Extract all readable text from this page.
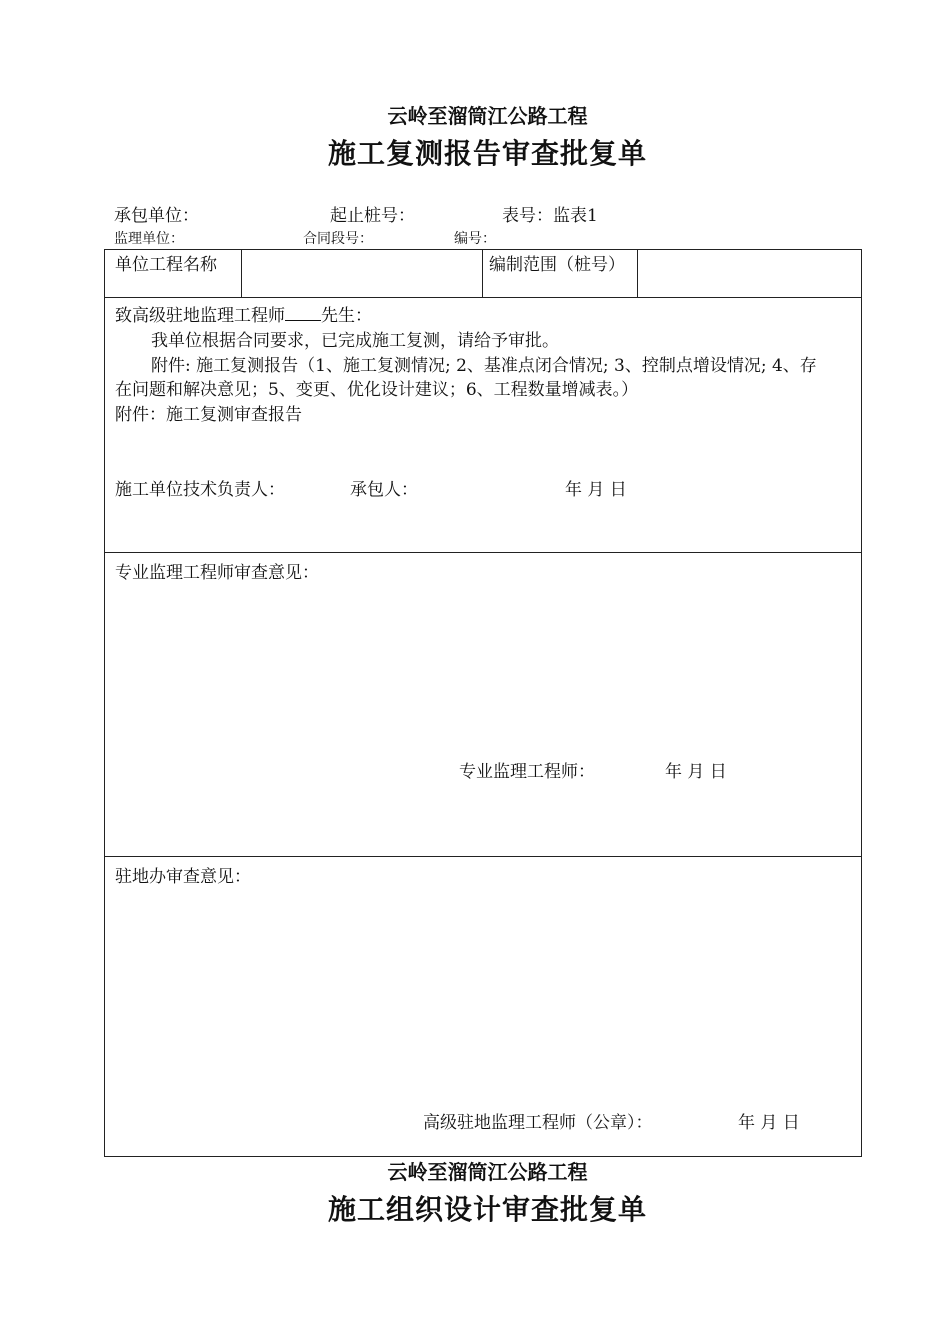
云岭至溜筒江公路工程
施工复测报告审查批复单
承包单位：	起止桩号：	表号：监表1
监理单位：	合同段号：	编号：
单位工程名称		编制范围（桩号）	

致高级驻地监理工程师 先生：
我单位根据合同要求，已完成施工复测，请给予审批。
附件: 施工复测报告（1、施工复测情况; 2、基准点闭合情况; 3、控制点增设情况; 4、存
在问题和解决意见；5、变更、优化设计建议；6、工程数量增减表。）
附件：施工复测审查报告
施工单位技术负责人：	承包人：	年 月 日

专业监理工程师审查意见：
专业监理工程师：	年 月 日

驻地办审查意见：
高级驻地监理工程师（公章）：	年 月 日
云岭至溜筒江公路工程
施工组织设计审查批复单
